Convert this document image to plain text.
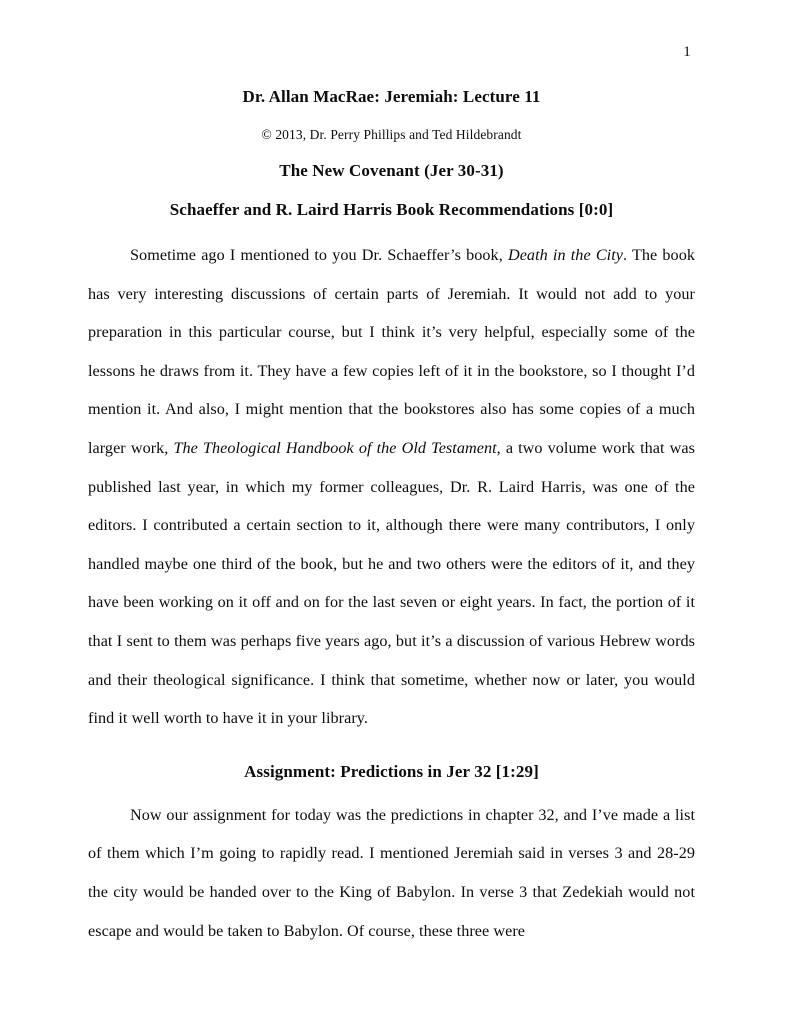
1
Dr. Allan MacRae: Jeremiah: Lecture 11
© 2013, Dr. Perry Phillips and Ted Hildebrandt
The New Covenant (Jer 30-31)
Schaeffer and R. Laird Harris Book Recommendations [0:0]
Sometime ago I mentioned to you Dr. Schaeffer’s book, Death in the City. The book has very interesting discussions of certain parts of Jeremiah. It would not add to your preparation in this particular course, but I think it’s very helpful, especially some of the lessons he draws from it. They have a few copies left of it in the bookstore, so I thought I’d mention it. And also, I might mention that the bookstores also has some copies of a much larger work, The Theological Handbook of the Old Testament, a two volume work that was published last year, in which my former colleagues, Dr. R. Laird Harris, was one of the editors. I contributed a certain section to it, although there were many contributors, I only handled maybe one third of the book, but he and two others were the editors of it, and they have been working on it off and on for the last seven or eight years. In fact, the portion of it that I sent to them was perhaps five years ago, but it’s a discussion of various Hebrew words and their theological significance. I think that sometime, whether now or later, you would find it well worth to have it in your library.
Assignment: Predictions in Jer 32 [1:29]
Now our assignment for today was the predictions in chapter 32, and I’ve made a list of them which I’m going to rapidly read. I mentioned Jeremiah said in verses 3 and 28-29 the city would be handed over to the King of Babylon. In verse 3 that Zedekiah would not escape and would be taken to Babylon. Of course, these three were
